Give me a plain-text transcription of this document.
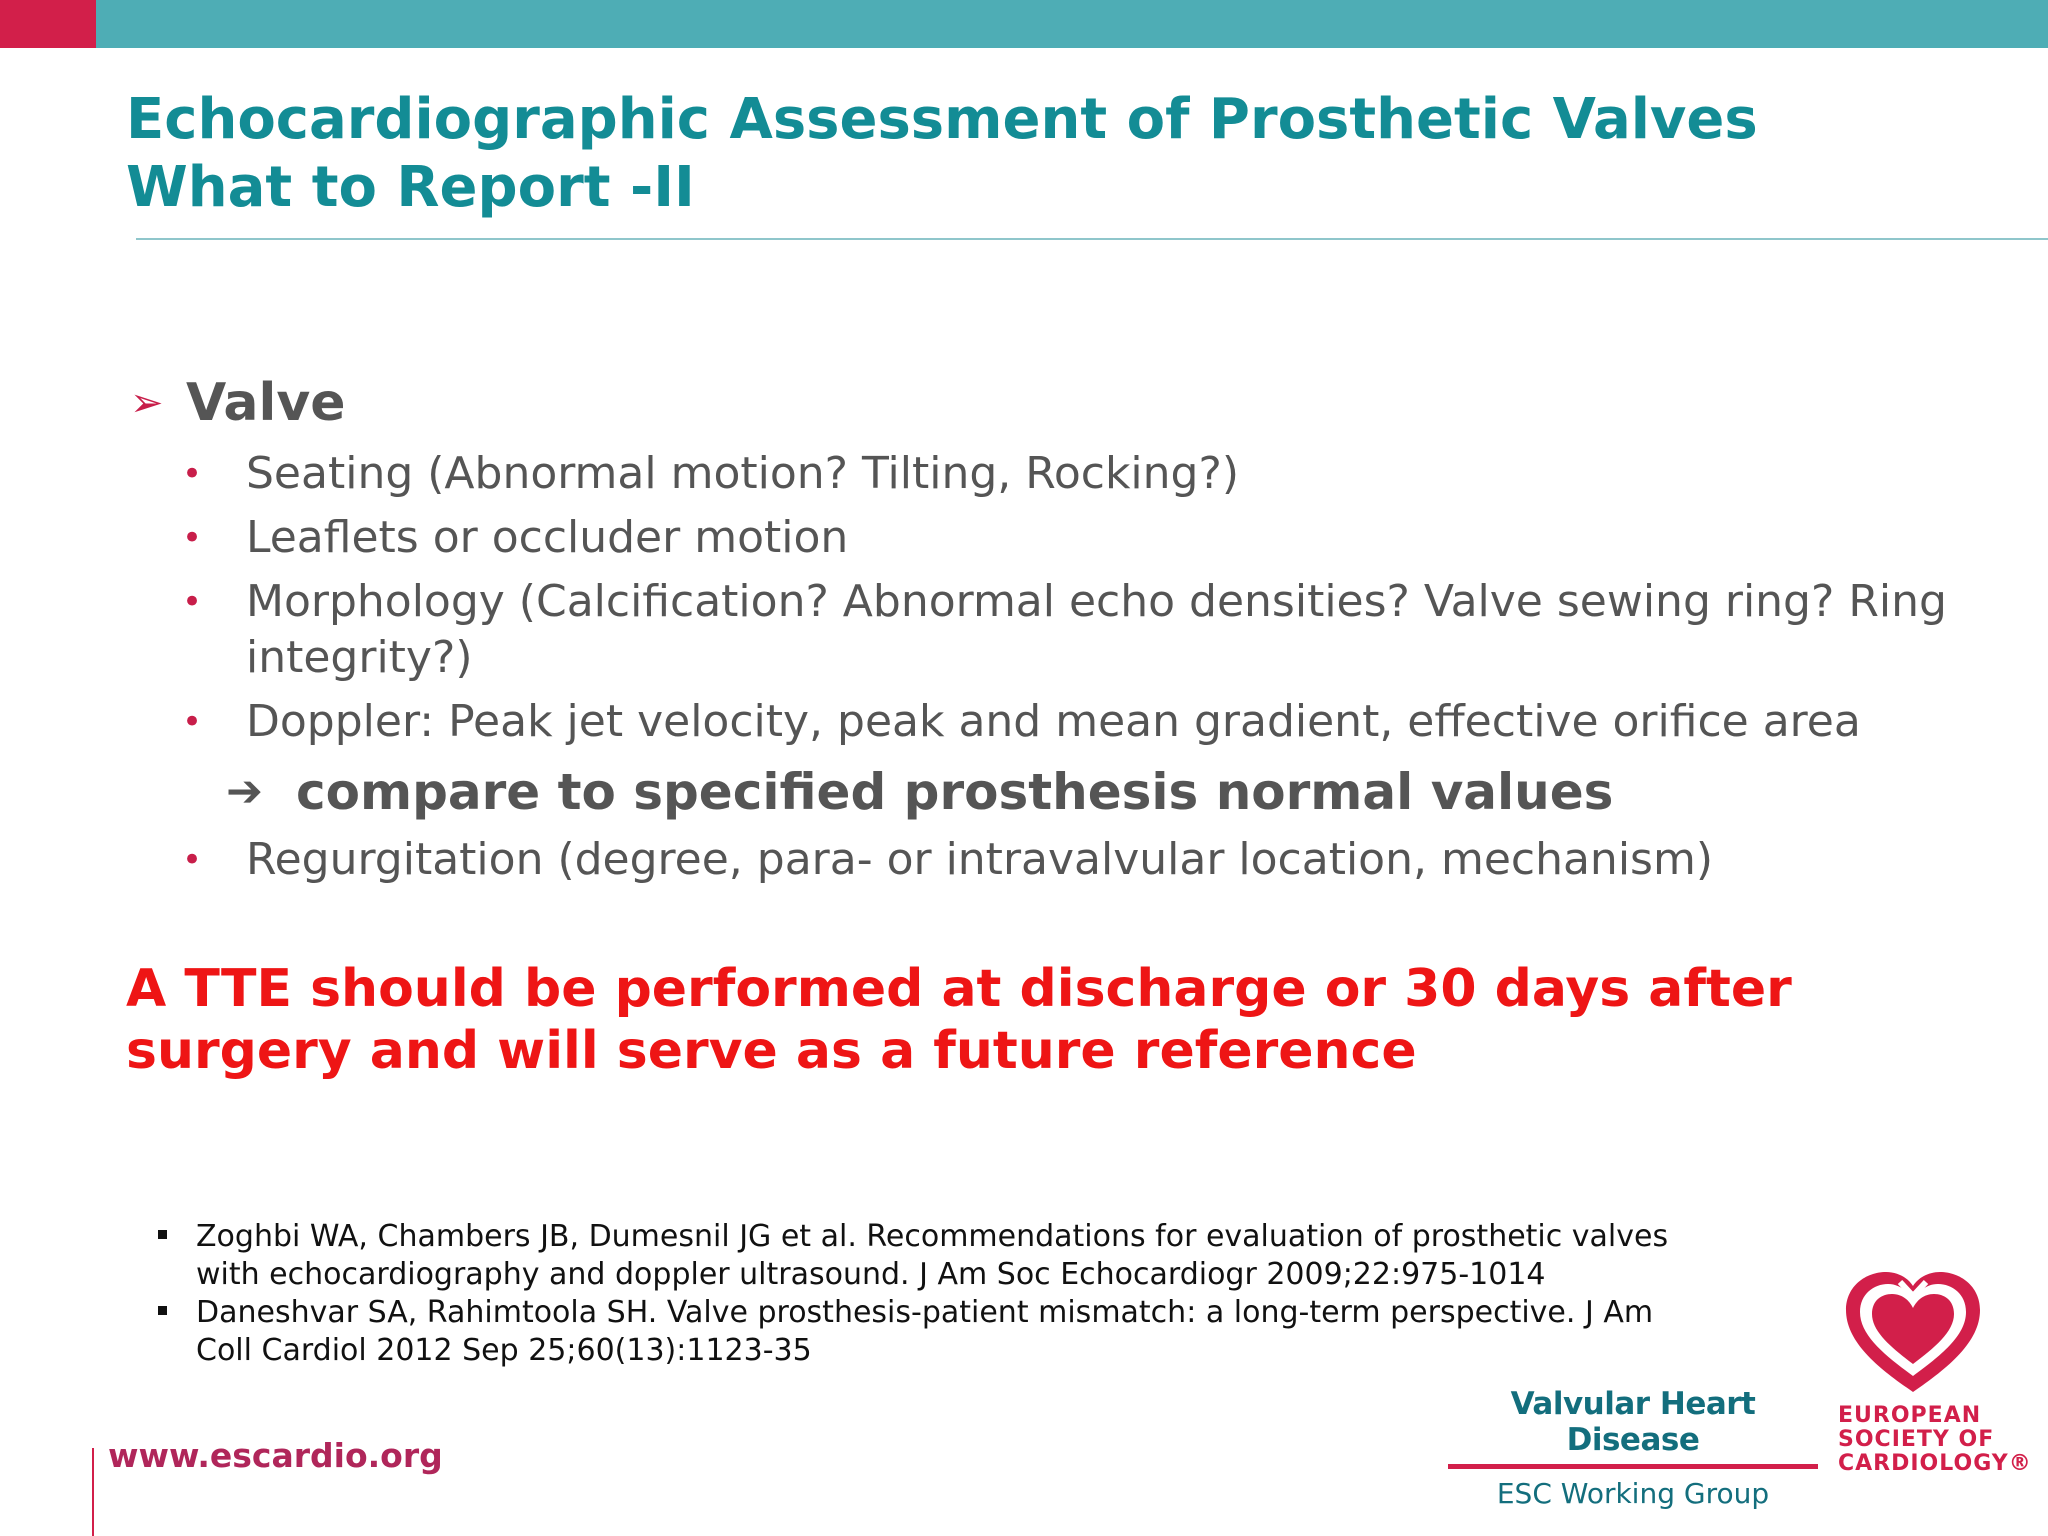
Echocardiographic Assessment of Prosthetic Valves
What to Report -II
➢ Valve
• Seating (Abnormal motion? Tilting, Rocking?)
• Leaflets or occluder motion
• Morphology (Calcification? Abnormal echo densities? Valve sewing ring? Ring integrity?)
• Doppler: Peak jet velocity, peak and mean gradient, effective orifice area
➔ compare to specified prosthesis normal values
• Regurgitation (degree, para- or intravalvular location, mechanism)
A TTE should be performed at discharge or 30 days after
surgery and will serve as a future reference
Zoghbi WA, Chambers JB, Dumesnil JG et al. Recommendations for evaluation of prosthetic valves
with echocardiography and doppler ultrasound. J Am Soc Echocardiogr 2009;22:975-1014
Daneshvar SA, Rahimtoola SH. Valve prosthesis-patient mismatch: a long-term perspective. J Am
Coll Cardiol 2012 Sep 25;60(13):1123-35
www.escardio.org
Valvular Heart Disease
ESC Working Group
EUROPEAN
SOCIETY OF
CARDIOLOGY®
